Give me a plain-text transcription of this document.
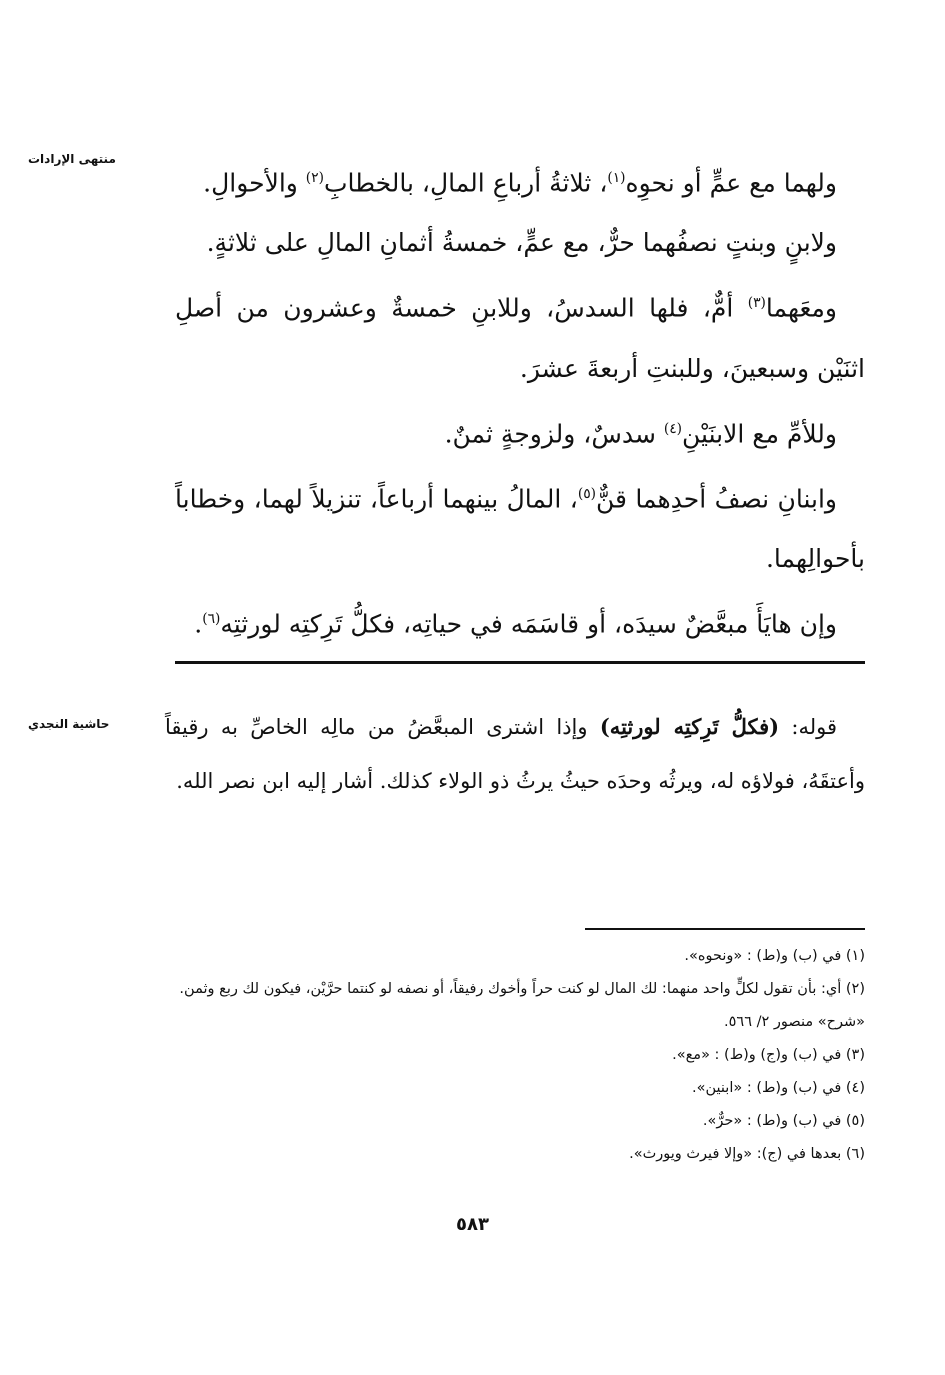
منتهى الإرادات
حاشية النجدي

ولهما مع عمٍّ أو نحوِه$^{(١)}$، ثلاثةُ أرباعِ المالِ، بالخطابِ$^{(٢)}$ والأحوالِ.

ولابنٍ وبنتٍ نصفُهما حرٌّ، مع عمٍّ، خمسةُ أثمانِ المالِ على ثلاثةٍ.

ومعَهما$^{(٣)}$ أمٌّ، فلها السدسُ، وللابنِ خمسةٌ وعشرون من أصلِ اثنَيْن وسبعينَ، وللبنتِ أربعةَ عشرَ.

وللأمِّ مع الابنَيْنِ$^{(٤)}$ سدسٌ، ولزوجةٍ ثمنٌ.

وابنانِ نصفُ أحدِهما قنٌّ$^{(٥)}$، المالُ بينهما أرباعاً، تنزيلاً لهما، وخطاباً بأحوالِهما.

وإن هايَأَ مبعَّضٌ سيدَه، أو قاسَمَه في حياتِه، فكلُّ تَرِكتِه لورثتِه$^{(٦)}$.

قوله: (فكلُّ تَرِكتِه لورثتِه) وإذا اشترى المبعَّضُ من مالِه الخاصِّ به رقيقاً وأعتقَهُ، فولاؤه له، ويرثُه وحدَه حيثُ يرثُ ذو الولاء كذلك. أشار إليه ابن نصر الله.

(١) في (ب) و(ط) : «ونحوه».

(٢) أي: بأن تقول لكلٍّ واحد منهما: لك المال لو كنت حراً وأخوك رفيقاً، أو نصفه لو كنتما حرَّيْن، فيكون لك ربع وثمن. «شرح» منصور ٢/ ٥٦٦.

(٣) في (ب) و(ج) و(ط) : «مع».

(٤) في (ب) و(ط) : «ابنين».

(٥) في (ب) و(ط) : «حرٌّ».

(٦) بعدها في (ج): «وإلا فيرث ويورث».

٥٨٣
